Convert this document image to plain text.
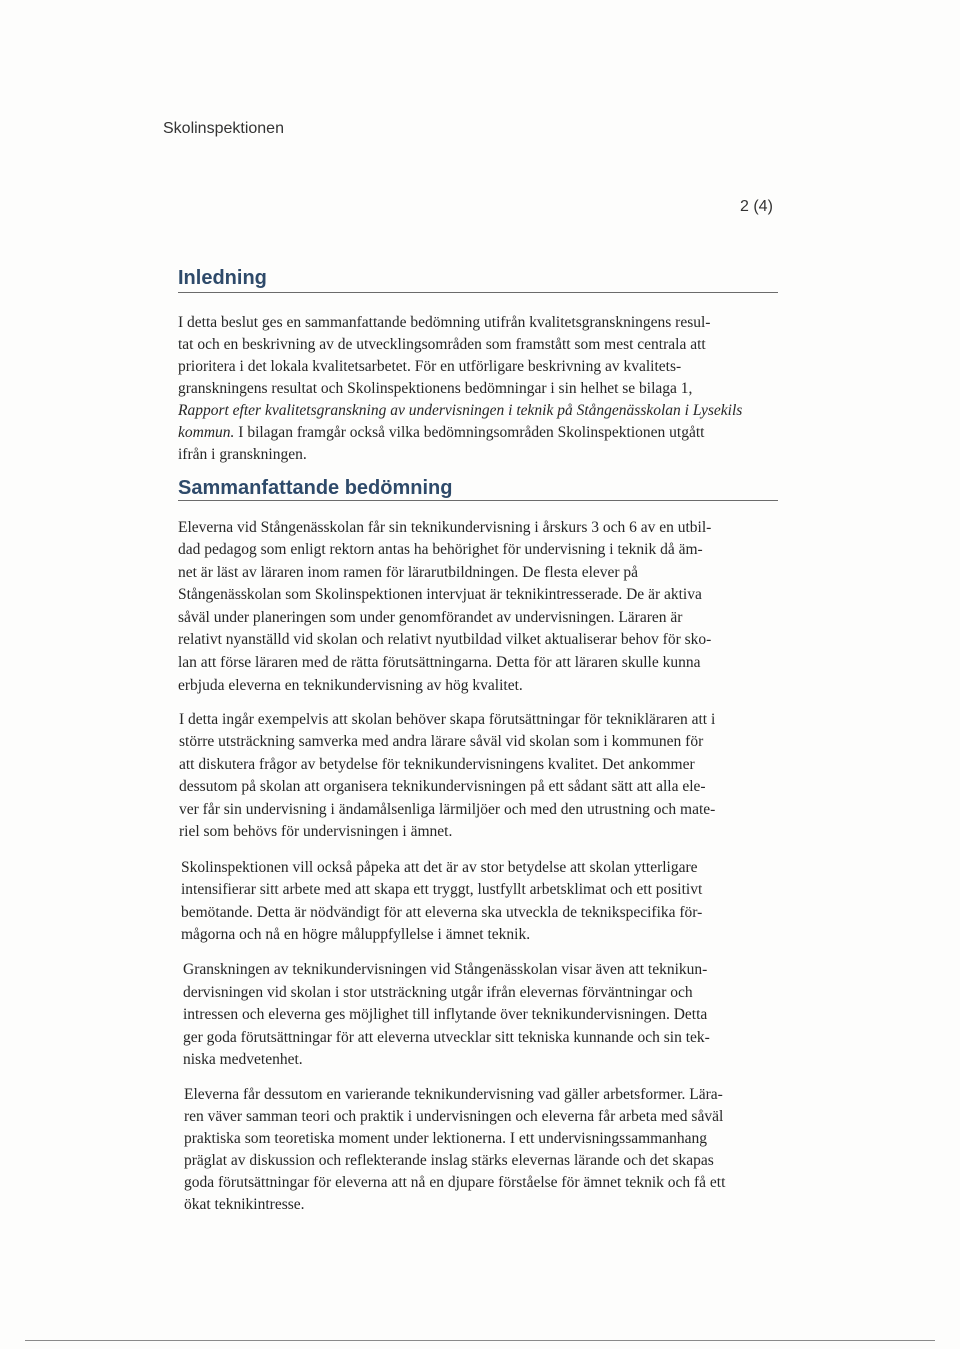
Skolinspektionen
2 (4)
Inledning
I detta beslut ges en sammanfattande bedömning utifrån kvalitetsgranskningens resul-
tat och en beskrivning av de utvecklingsområden som framstått som mest centrala att
prioritera i det lokala kvalitetsarbetet. För en utförligare beskrivning av kvalitets-
granskningens resultat och Skolinspektionens bedömningar i sin helhet se bilaga 1,
Rapport efter kvalitetsgranskning av undervisningen i teknik på Stångenässkolan i Lysekils
kommun. I bilagan framgår också vilka bedömningsområden Skolinspektionen utgått
ifrån i granskningen.
Sammanfattande bedömning
Eleverna vid Stångenässkolan får sin teknikundervisning i årskurs 3 och 6 av en utbil-
dad pedagog som enligt rektorn antas ha behörighet för undervisning i teknik då äm-
net är läst av läraren inom ramen för lärarutbildningen. De flesta elever på
Stångenässkolan som Skolinspektionen intervjuat är teknikintresserade. De är aktiva
såväl under planeringen som under genomförandet av undervisningen. Läraren är
relativt nyanställd vid skolan och relativt nyutbildad vilket aktualiserar behov för sko-
lan att förse läraren med de rätta förutsättningarna. Detta för att läraren skulle kunna
erbjuda eleverna en teknikundervisning av hög kvalitet.
I detta ingår exempelvis att skolan behöver skapa förutsättningar för teknikläraren att i
större utsträckning samverka med andra lärare såväl vid skolan som i kommunen för
att diskutera frågor av betydelse för teknikundervisningens kvalitet. Det ankommer
dessutom på skolan att organisera teknikundervisningen på ett sådant sätt att alla ele-
ver får sin undervisning i ändamålsenliga lärmiljöer och med den utrustning och mate-
riel som behövs för undervisningen i ämnet.
Skolinspektionen vill också påpeka att det är av stor betydelse att skolan ytterligare
intensifierar sitt arbete med att skapa ett tryggt, lustfyllt arbetsklimat och ett positivt
bemötande. Detta är nödvändigt för att eleverna ska utveckla de teknikspecifika för-
mågorna och nå en högre måluppfyllelse i ämnet teknik.
Granskningen av teknikundervisningen vid Stångenässkolan visar även att teknikun-
dervisningen vid skolan i stor utsträckning utgår ifrån elevernas förväntningar och
intressen och eleverna ges möjlighet till inflytande över teknikundervisningen. Detta
ger goda förutsättningar för att eleverna utvecklar sitt tekniska kunnande och sin tek-
niska medvetenhet.
Eleverna får dessutom en varierande teknikundervisning vad gäller arbetsformer. Lära-
ren väver samman teori och praktik i undervisningen och eleverna får arbeta med såväl
praktiska som teoretiska moment under lektionerna. I ett undervisningssammanhang
präglat av diskussion och reflekterande inslag stärks elevernas lärande och det skapas
goda förutsättningar för eleverna att nå en djupare förståelse för ämnet teknik och få ett
ökat teknikintresse.
